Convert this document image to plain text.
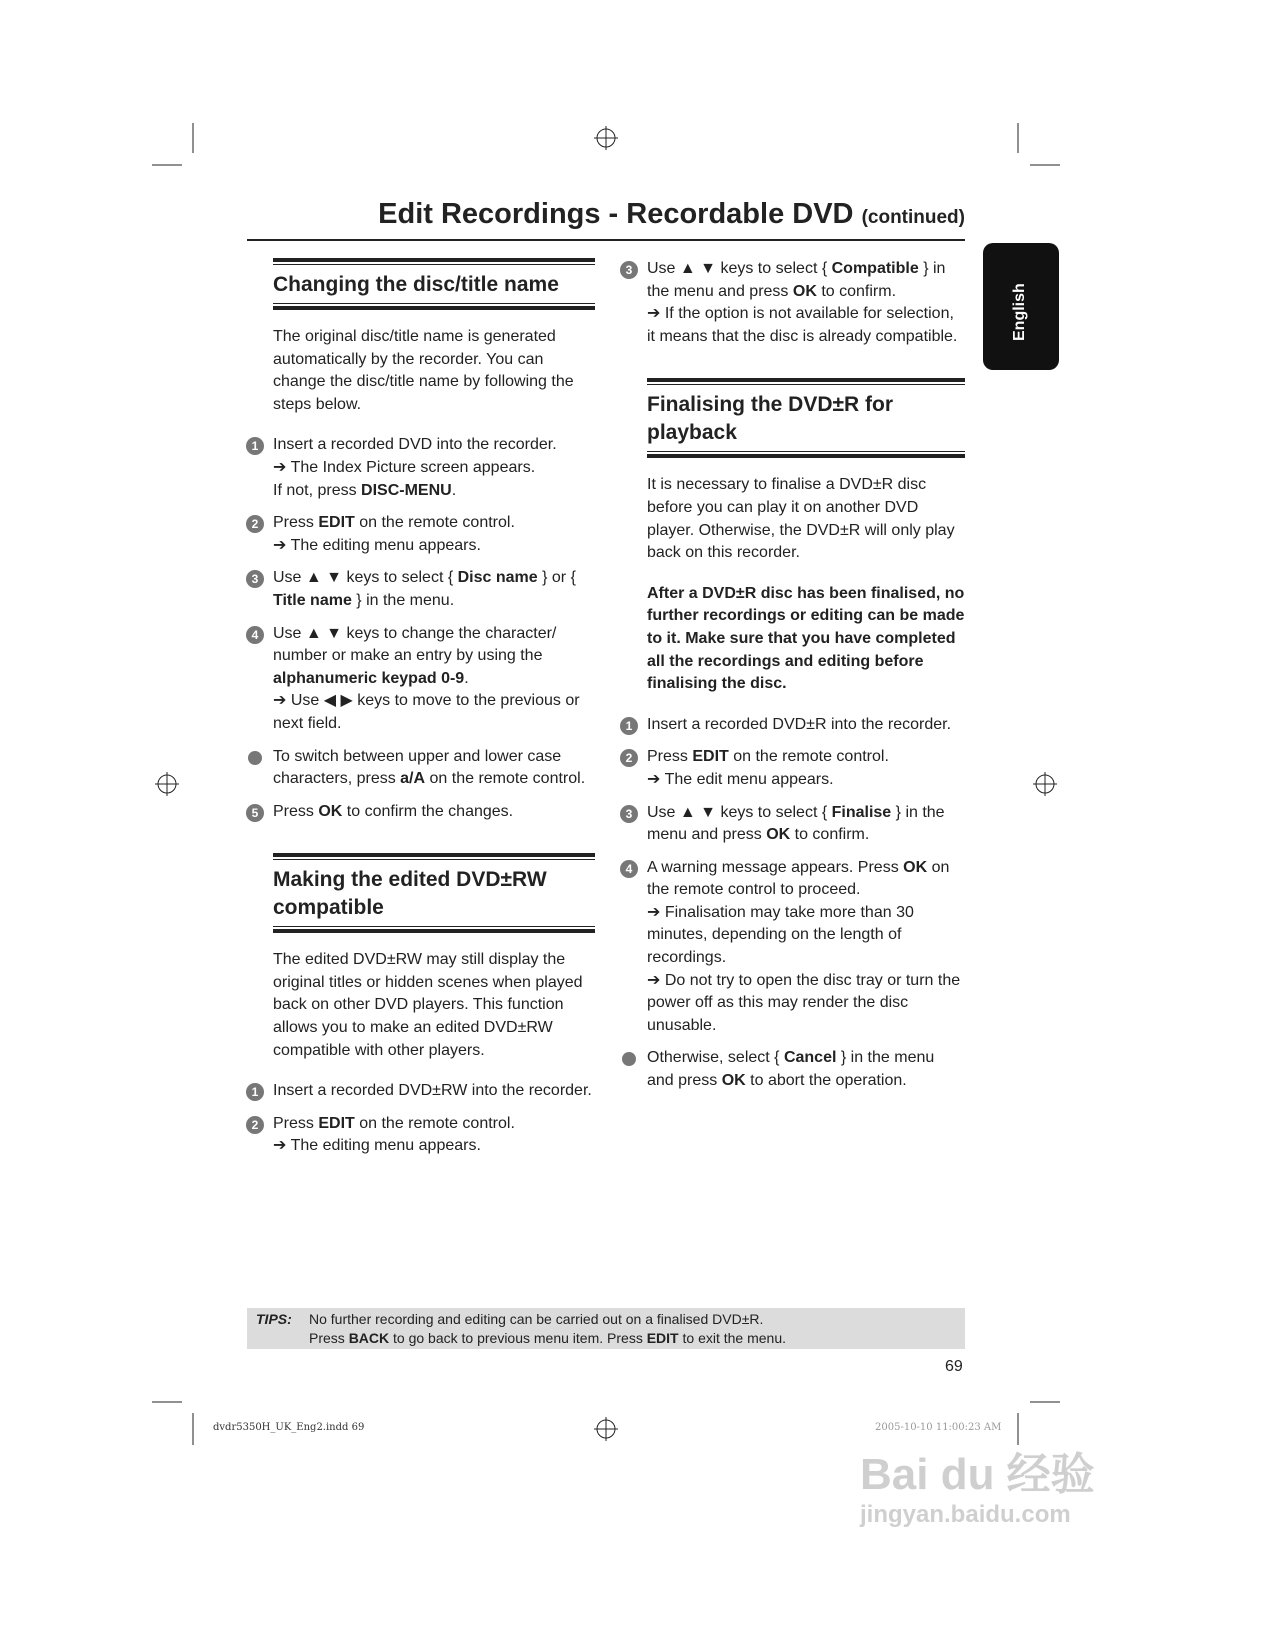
Edit Recordings - Recordable DVD (continued)
English
Changing the disc/title name

The original disc/title name is generated automatically by the recorder. You can change the disc/title name by following the steps below.

1 Insert a recorded DVD into the recorder.
➔ The Index Picture screen appears.
If not, press DISC-MENU.
2 Press EDIT on the remote control.
➔ The editing menu appears.
3 Use ▲ ▼ keys to select { Disc name } or { Title name } in the menu.
4 Use ▲ ▼ keys to change the character/ number or make an entry by using the alphanumeric keypad 0-9.
➔ Use ◀ ▶ keys to move to the previous or next field.
To switch between upper and lower case characters, press a/A on the remote control.
5 Press OK to confirm the changes.
Making the edited DVD±RW compatible

The edited DVD±RW may still display the original titles or hidden scenes when played back on other DVD players. This function allows you to make an edited DVD±RW compatible with other players.

1 Insert a recorded DVD±RW into the recorder.
2 Press EDIT on the remote control.
➔ The editing menu appears.
3 Use ▲ ▼ keys to select { Compatible } in the menu and press OK to confirm.
➔ If the option is not available for selection, it means that the disc is already compatible.
Finalising the DVD±R for playback

It is necessary to finalise a DVD±R disc before you can play it on another DVD player. Otherwise, the DVD±R will only play back on this recorder.

After a DVD±R disc has been finalised, no further recordings or editing can be made to it. Make sure that you have completed all the recordings and editing before finalising the disc.

1 Insert a recorded DVD±R into the recorder.
2 Press EDIT on the remote control.
➔ The edit menu appears.
3 Use ▲ ▼ keys to select { Finalise } in the menu and press OK to confirm.
4 A warning message appears. Press OK on the remote control to proceed.
➔ Finalisation may take more than 30 minutes, depending on the length of recordings.
➔ Do not try to open the disc tray or turn the power off as this may render the disc unusable.
Otherwise, select { Cancel } in the menu and press OK to abort the operation.
TIPS: No further recording and editing can be carried out on a finalised DVD±R.
Press BACK to go back to previous menu item. Press EDIT to exit the menu.
69
dvdr5350H_UK_Eng2.indd 69	2005-10-10 11:00:23 AM
Bai du 经验
jingyan.baidu.com
